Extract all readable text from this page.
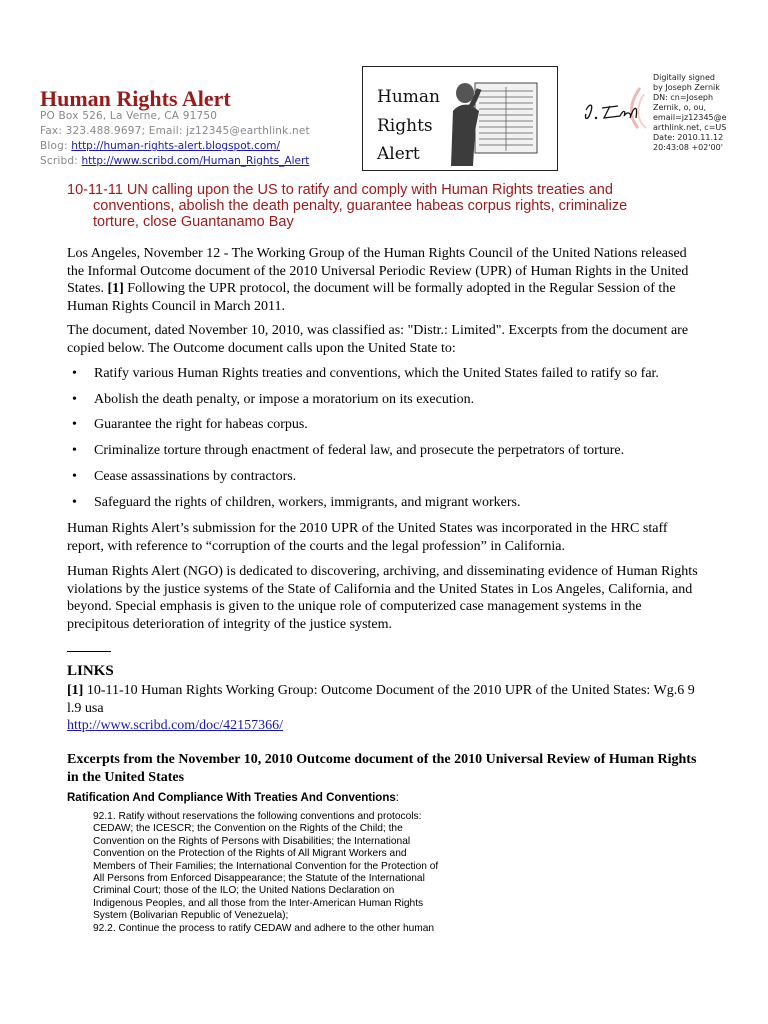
Human Rights Alert
PO Box 526, La Verne, CA 91750
Fax: 323.488.9697; Email: jz12345@earthlink.net
Blog: http://human-rights-alert.blogspot.com/
Scribd: http://www.scribd.com/Human_Rights_Alert
Human
Rights
Alert
Digitally signed
by Joseph Zernik
DN: cn=Joseph
Zernik, o, ou,
email=jz12345@e
arthlink.net, c=US
Date: 2010.11.12
20:43:08 +02'00'
10-11-11 UN calling upon the US to ratify and comply with Human Rights treaties and
conventions, abolish the death penalty, guarantee habeas corpus rights, criminalize
torture, close Guantanamo Bay
Los Angeles, November 12 - The Working Group of the Human Rights Council of the United Nations released the Informal Outcome document of the 2010 Universal Periodic Review (UPR) of Human Rights in the United States. [1] Following the UPR protocol, the document will be formally adopted in the Regular Session of the Human Rights Council in March 2011.
The document, dated November 10, 2010, was classified as: "Distr.: Limited". Excerpts from the document are copied below. The Outcome document calls upon the United State to:
• Ratify various Human Rights treaties and conventions, which the United States failed to ratify so far.
• Abolish the death penalty, or impose a moratorium on its execution.
• Guarantee the right for habeas corpus.
• Criminalize torture through enactment of federal law, and prosecute the perpetrators of torture.
• Cease assassinations by contractors.
• Safeguard the rights of children, workers, immigrants, and migrant workers.
Human Rights Alert’s submission for the 2010 UPR of the United States was incorporated in the HRC staff report, with reference to “corruption of the courts and the legal profession” in California.
Human Rights Alert (NGO) is dedicated to discovering, archiving, and disseminating evidence of Human Rights violations by the justice systems of the State of California and the United States in Los Angeles, California, and beyond. Special emphasis is given to the unique role of computerized case management systems in the precipitous deterioration of integrity of the justice system.
LINKS
[1] 10-11-10 Human Rights Working Group: Outcome Document of the 2010 UPR of the United States: Wg.6 9 l.9 usa
http://www.scribd.com/doc/42157366/
Excerpts from the November 10, 2010 Outcome document of the 2010 Universal Review of Human Rights in the United States
Ratification And Compliance With Treaties And Conventions:
92.1. Ratify without reservations the following conventions and protocols:
CEDAW; the ICESCR; the Convention on the Rights of the Child; the
Convention on the Rights of Persons with Disabilities; the International
Convention on the Protection of the Rights of All Migrant Workers and
Members of Their Families; the International Convention for the Protection of
All Persons from Enforced Disappearance; the Statute of the International
Criminal Court; those of the ILO; the United Nations Declaration on
Indigenous Peoples, and all those from the Inter-American Human Rights
System (Bolivarian Republic of Venezuela);
92.2. Continue the process to ratify CEDAW and adhere to the other human
